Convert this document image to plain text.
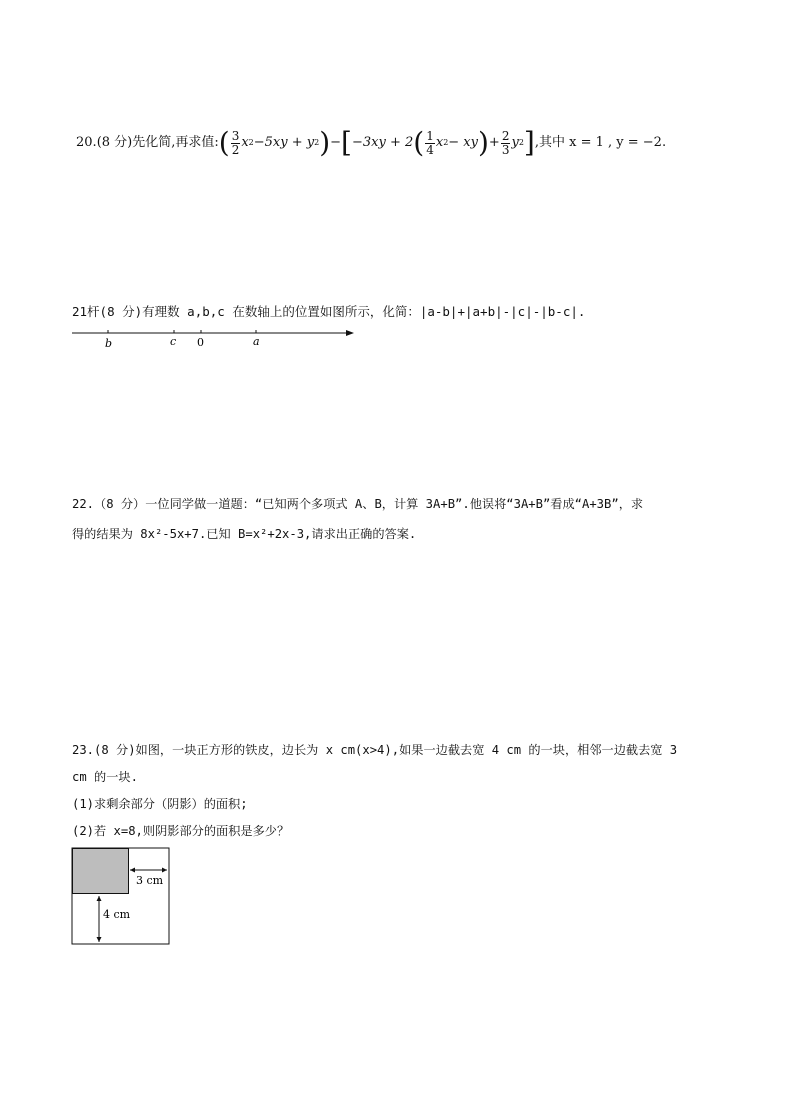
20. (8 分)先化简,再求值: ( $\frac{3}{2}$ x 2 −5xy + y 2 ) − [ −3xy + 2 ( $\frac{1}{4}$ x 2 − xy ) + $\frac{2}{3}$ y 2 ] ,其中 x = 1 , y = −2.
21杆(8 分)有理数 a,b,c 在数轴上的位置如图所示，化简：|a-b|+|a+b|-|c|-|b-c|.
b	c 0	a
22.（8 分）一位同学做一道题：“已知两个多项式 A、B，计算 3A+B”.他误将“3A+B”看成“A+3B”，求
得的结果为 8x²-5x+7.已知 B=x²+2x-3,请求出正确的答案.
23.(8 分)如图，一块正方形的铁皮，边长为 x cm(x>4),如果一边截去宽 4 cm 的一块，相邻一边截去宽 3
cm 的一块.
(1)求剩余部分（阴影）的面积;
(2)若 x=8,则阴影部分的面积是多少？
3 cm
4 cm
